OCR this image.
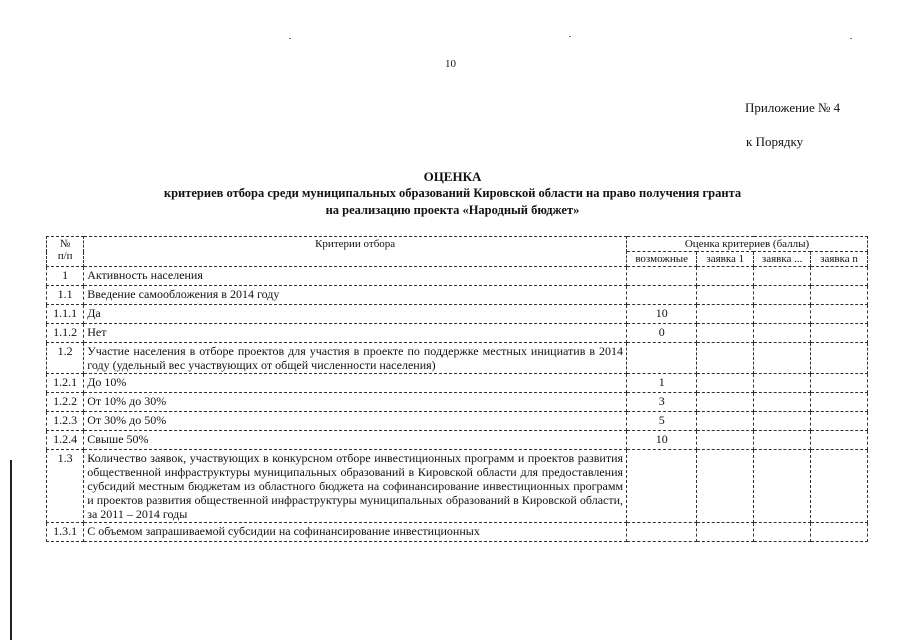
10
Приложение № 4
к Порядку
ОЦЕНКА
критериев отбора среди муниципальных образований Кировской области на право получения гранта
на реализацию проекта «Народный бюджет»
№
п/п	Критерии отбора	Оценка критериев (баллы)			
		возможные	заявка 1	заявка ...	заявка n
1	Активность населения				
1.1	Введение самообложения в 2014 году				
1.1.1	Да	10			
1.1.2	Нет	0			
1.2	Участие населения в отборе проектов для участия в проекте по поддержке местных инициатив в 2014 году (удельный вес участвующих от общей численности населения)				
1.2.1	До 10%	1			
1.2.2	От 10% до 30%	3			
1.2.3	От 30% до 50%	5			
1.2.4	Свыше 50%	10			
1.3	Количество заявок, участвующих в конкурсном отборе инвестиционных программ и проектов развития общественной инфраструктуры муниципальных образований в Кировской области для предоставления субсидий местным бюджетам из областного бюджета на софинансирование инвестиционных программ и проектов развития общественной инфраструктуры муниципальных образований в Кировской области, за 2011 – 2014 годы				
1.3.1	С объемом запрашиваемой субсидии на софинансирование инвестиционных				
